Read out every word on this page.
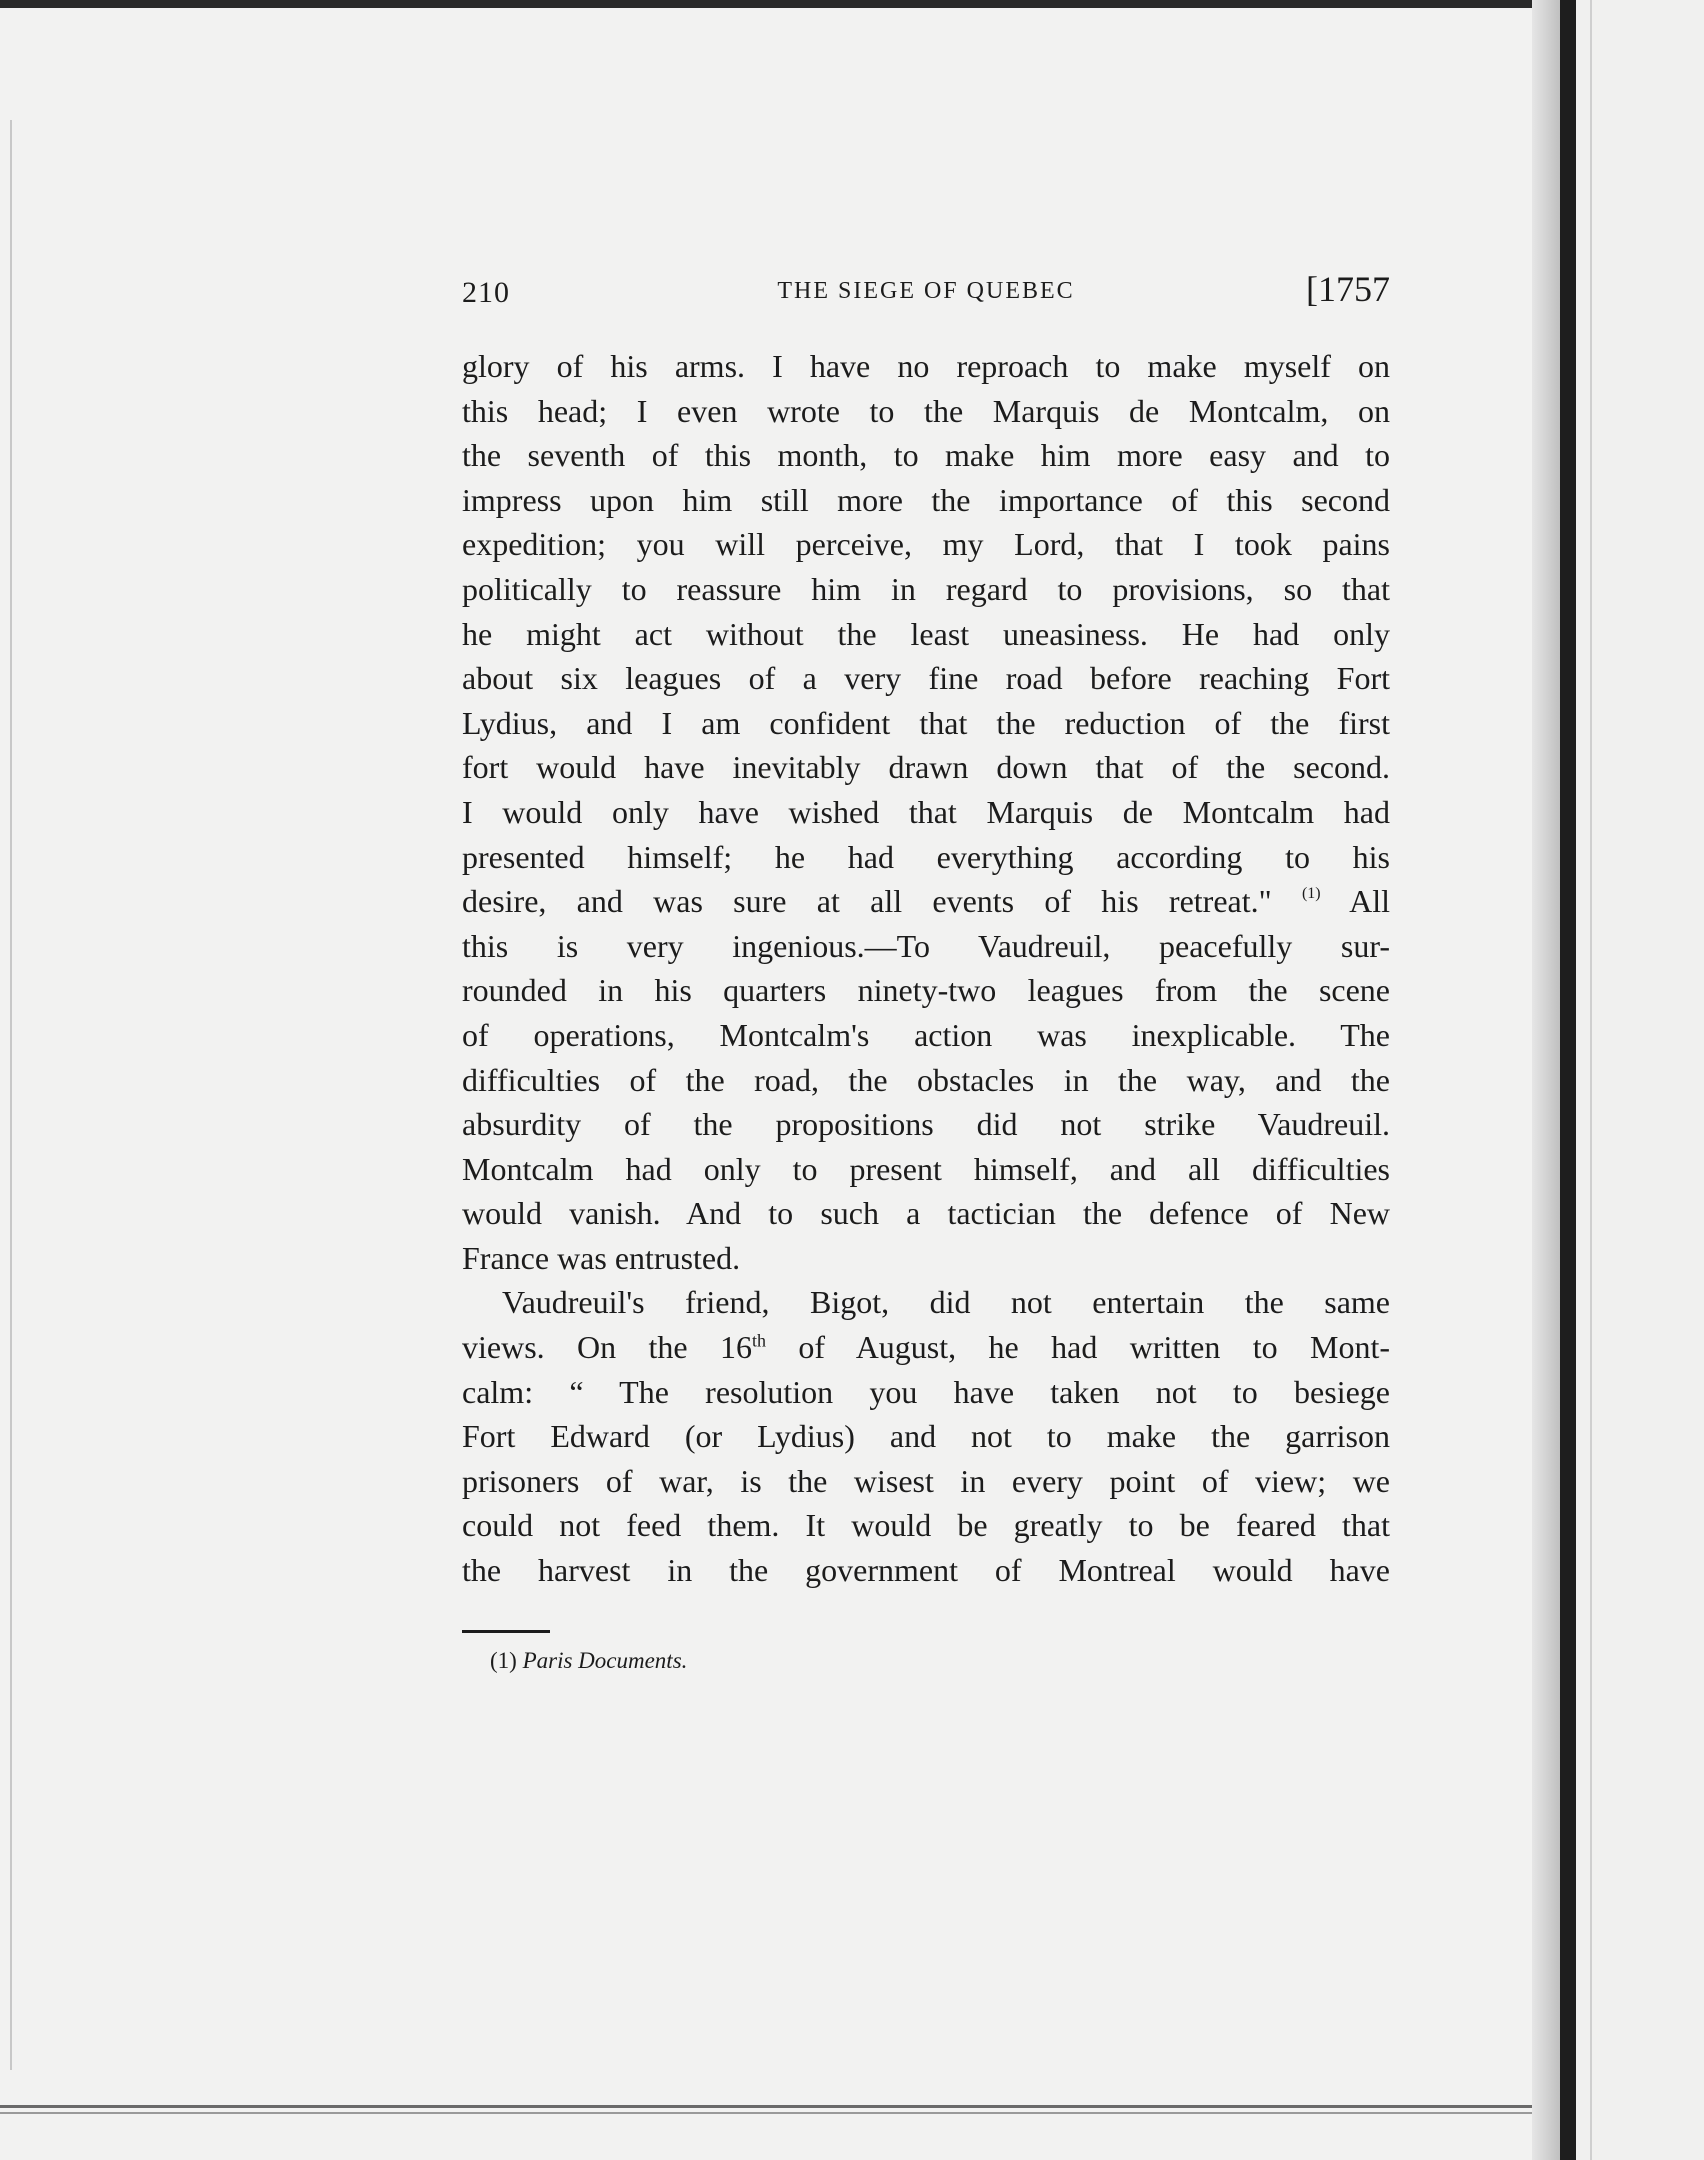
210	THE SIEGE OF QUEBEC	[1757
glory of his arms. I have no reproach to make myself on
this head; I even wrote to the Marquis de Montcalm, on
the seventh of this month, to make him more easy and to
impress upon him still more the importance of this second
expedition; you will perceive, my Lord, that I took pains
politically to reassure him in regard to provisions, so that
he might act without the least uneasiness. He had only
about six leagues of a very fine road before reaching Fort
Lydius, and I am confident that the reduction of the first
fort would have inevitably drawn down that of the second.
I would only have wished that Marquis de Montcalm had
presented himself; he had everything according to his
desire, and was sure at all events of his retreat." $^{(1)}$ All
this is very ingenious.—To Vaudreuil, peacefully sur-
rounded in his quarters ninety-two leagues from the scene
of operations, Montcalm's action was inexplicable. The
difficulties of the road, the obstacles in the way, and the
absurdity of the propositions did not strike Vaudreuil.
Montcalm had only to present himself, and all difficulties
would vanish. And to such a tactician the defence of New
France was entrusted.
Vaudreuil's friend, Bigot, did not entertain the same
views. On the 16th of August, he had written to Mont-
calm: “ The resolution you have taken not to besiege
Fort Edward (or Lydius) and not to make the garrison
prisoners of war, is the wisest in every point of view; we
could not feed them. It would be greatly to be feared that
the harvest in the government of Montreal would have
(1) Paris Documents.
